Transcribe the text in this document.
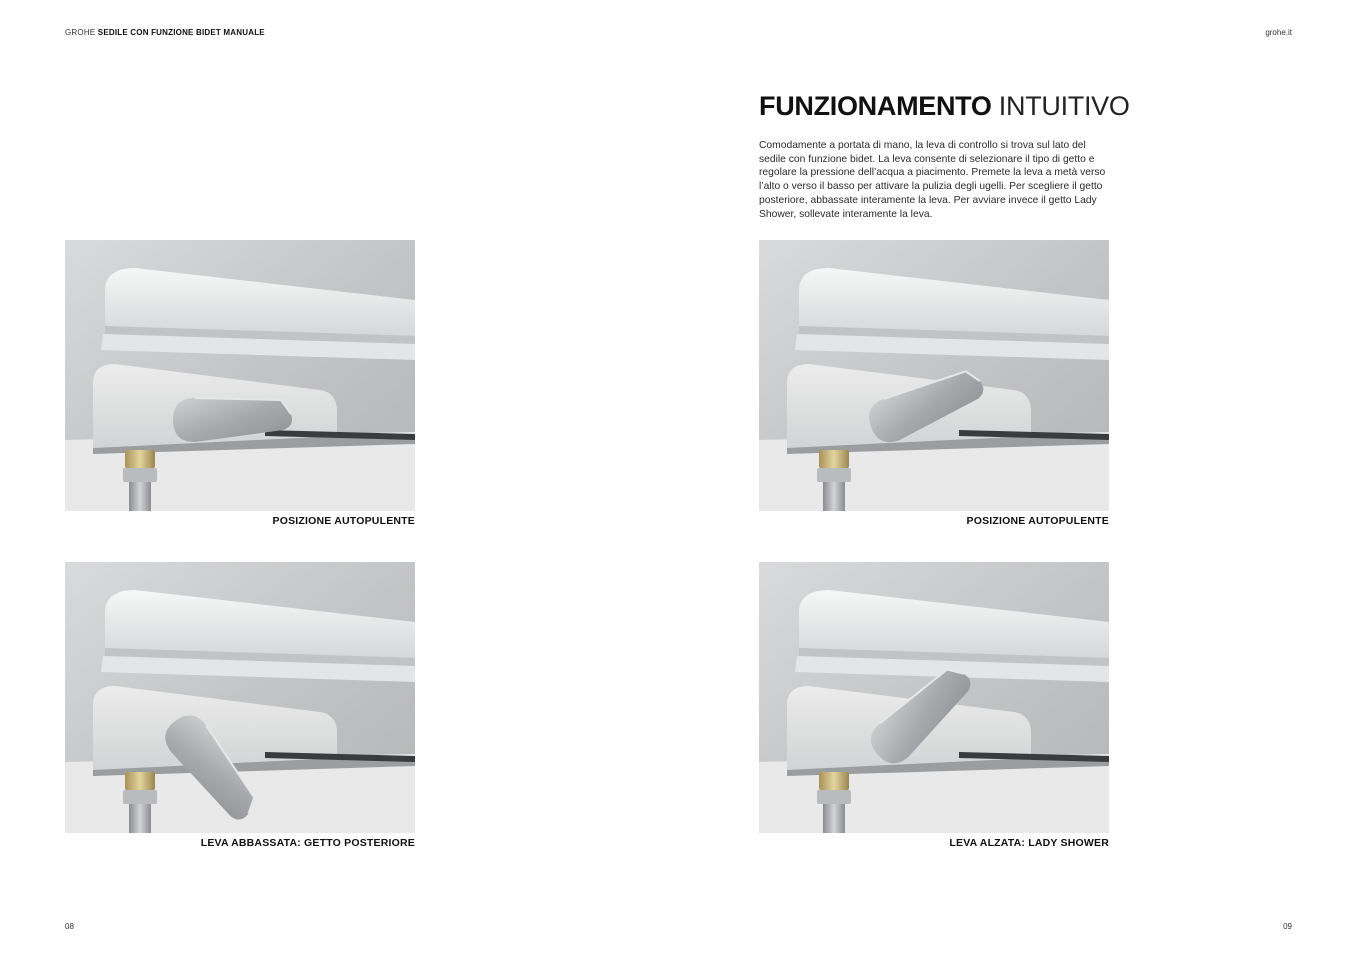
GROHE SEDILE CON FUNZIONE BIDET MANUALE	grohe.it
FUNZIONAMENTO INTUITIVO

Comodamente a portata di mano, la leva di controllo si trova sul lato del sedile con funzione bidet. La leva consente di selezionare il tipo di getto e regolare la pressione dell’acqua a piacimento. Premete la leva a metà verso l’alto o verso il basso per attivare la pulizia degli ugelli. Per scegliere il getto posteriore, abbassate interamente la leva. Per avviare invece il getto Lady Shower, sollevate interamente la leva.

POSIZIONE AUTOPULENTE	POSIZIONE AUTOPULENTE
LEVA ABBASSATA: GETTO POSTERIORE	LEVA ALZATA: LADY SHOWER
08	09
